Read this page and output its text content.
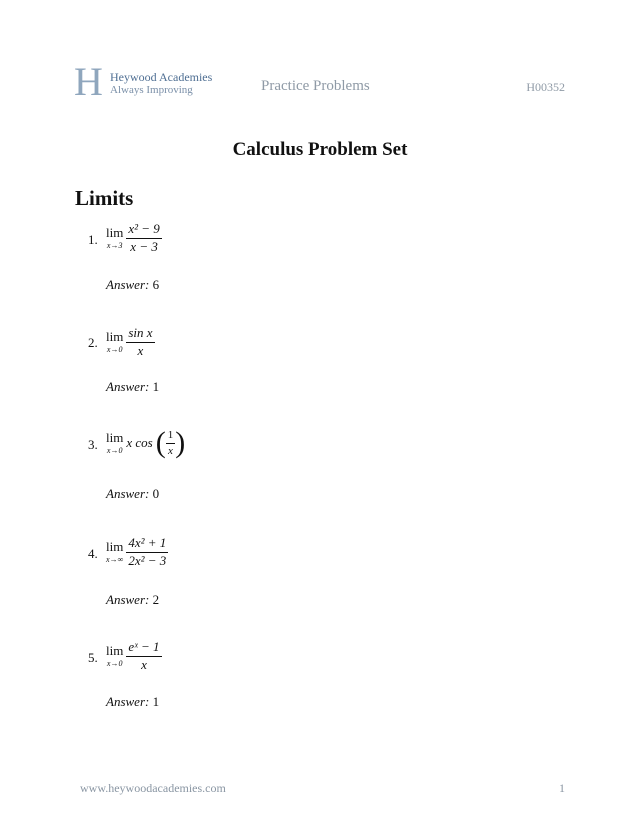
H Heywood Academies
Always Improving	Practice Problems	H00352
Calculus Problem Set
Limits
1. lim
$x\to 3 \frac{\text{x² − 9}}{x - 3}$
Answer: 6
2. lim
$x\to 0 \frac{\text{sin x}}{x}$
Answer: 1
3. lim
x→0
x cos ( $\frac{1}{x}$ )
Answer: 0
4. lim
$x\to\infty \frac{\text{4x² + 1}}{\text{2x² − 3}}$
Answer: 2
5. lim
$x\to 0 \frac{\text{eˣ − 1}}{x}$
Answer: 1
www.heywoodacademies.com	1
